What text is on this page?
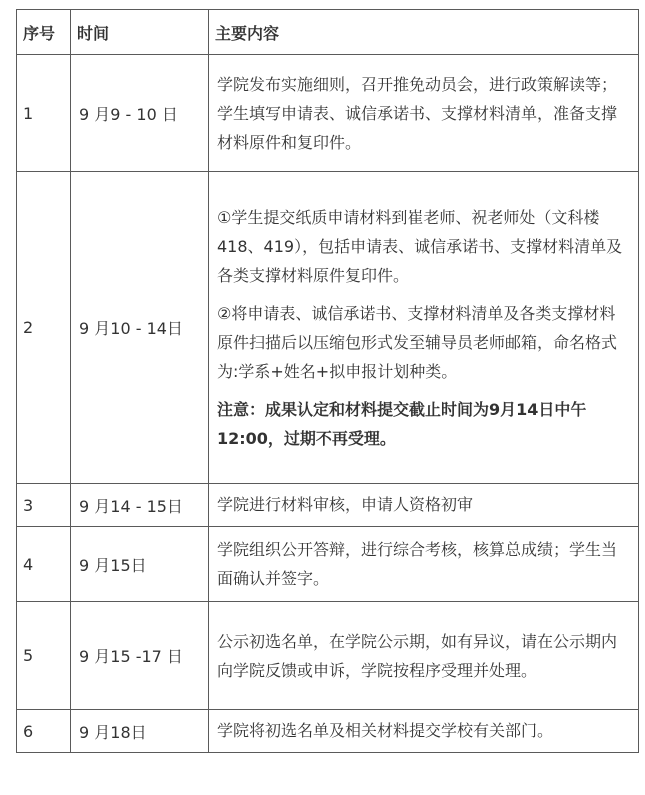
序号	时间	主要内容
1	9 月9 - 10 日	学院发布实施细则，召开推免动员会，进行政策解读等；学生填写申请表、诚信承诺书、支撑材料清单，准备支撑材料原件和复印件。

2	9 月10 - 14日	①学生提交纸质申请材料到崔老师、祝老师处（文科楼 418、419），包括申请表、诚信承诺书、支撑材料清单及各类支撑材料原件复印件。

②将申请表、诚信承诺书、支撑材料清单及各类支撑材料原件扫描后以压缩包形式发至辅导员老师邮箱，命名格式为:学系+姓名+拟申报计划种类。

注意：成果认定和材料提交截止时间为9月14日中午12:00，过期不再受理。

3	9 月14 - 15日	学院进行材料审核，申请人资格初审

4	9 月15日	学院组织公开答辩，进行综合考核，核算总成绩；学生当面确认并签字。

5	9 月15 -17 日	公示初选名单，在学院公示期，如有异议，请在公示期内向学院反馈或申诉，学院按程序受理并处理。

6	9 月18日	学院将初选名单及相关材料提交学校有关部门。
